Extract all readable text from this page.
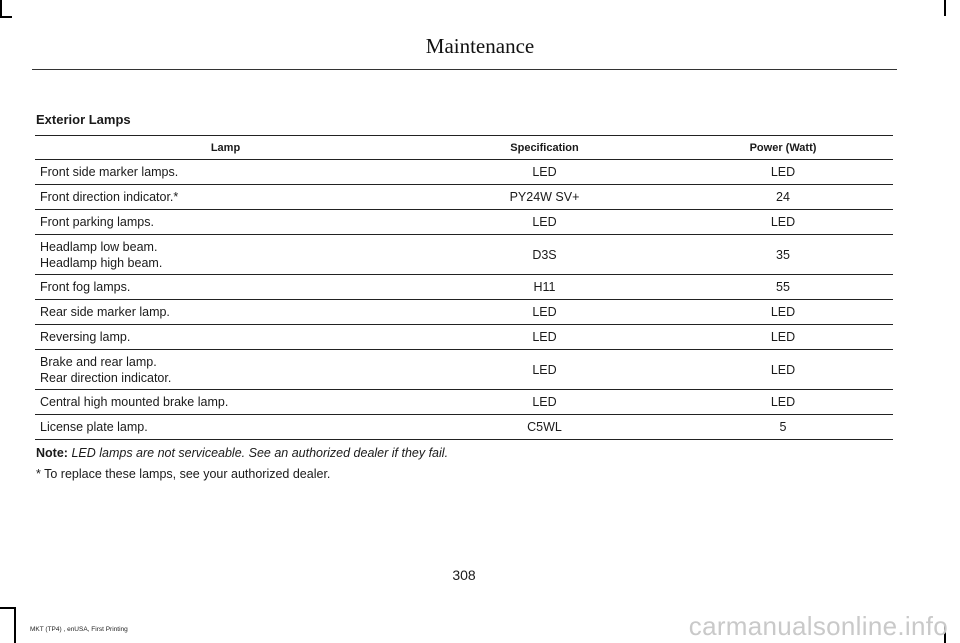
Maintenance
Exterior Lamps
Lamp	Specification	Power (Watt)
Front side marker lamps.	LED	LED
Front direction indicator.*	PY24W SV+	24
Front parking lamps.	LED	LED

Headlamp low beam.
Headlamp high beam.	D3S	35
Front fog lamps.	H11	55
Rear side marker lamp.	LED	LED
Reversing lamp.	LED	LED

Brake and rear lamp.
Rear direction indicator.	LED	LED
Central high mounted brake lamp.	LED	LED
License plate lamp.	C5WL	5
Note: LED lamps are not serviceable. See an authorized dealer if they fail.
* To replace these lamps, see your authorized dealer.
308
MKT (TP4) , enUSA, First Printing	carmanualsonline.info
